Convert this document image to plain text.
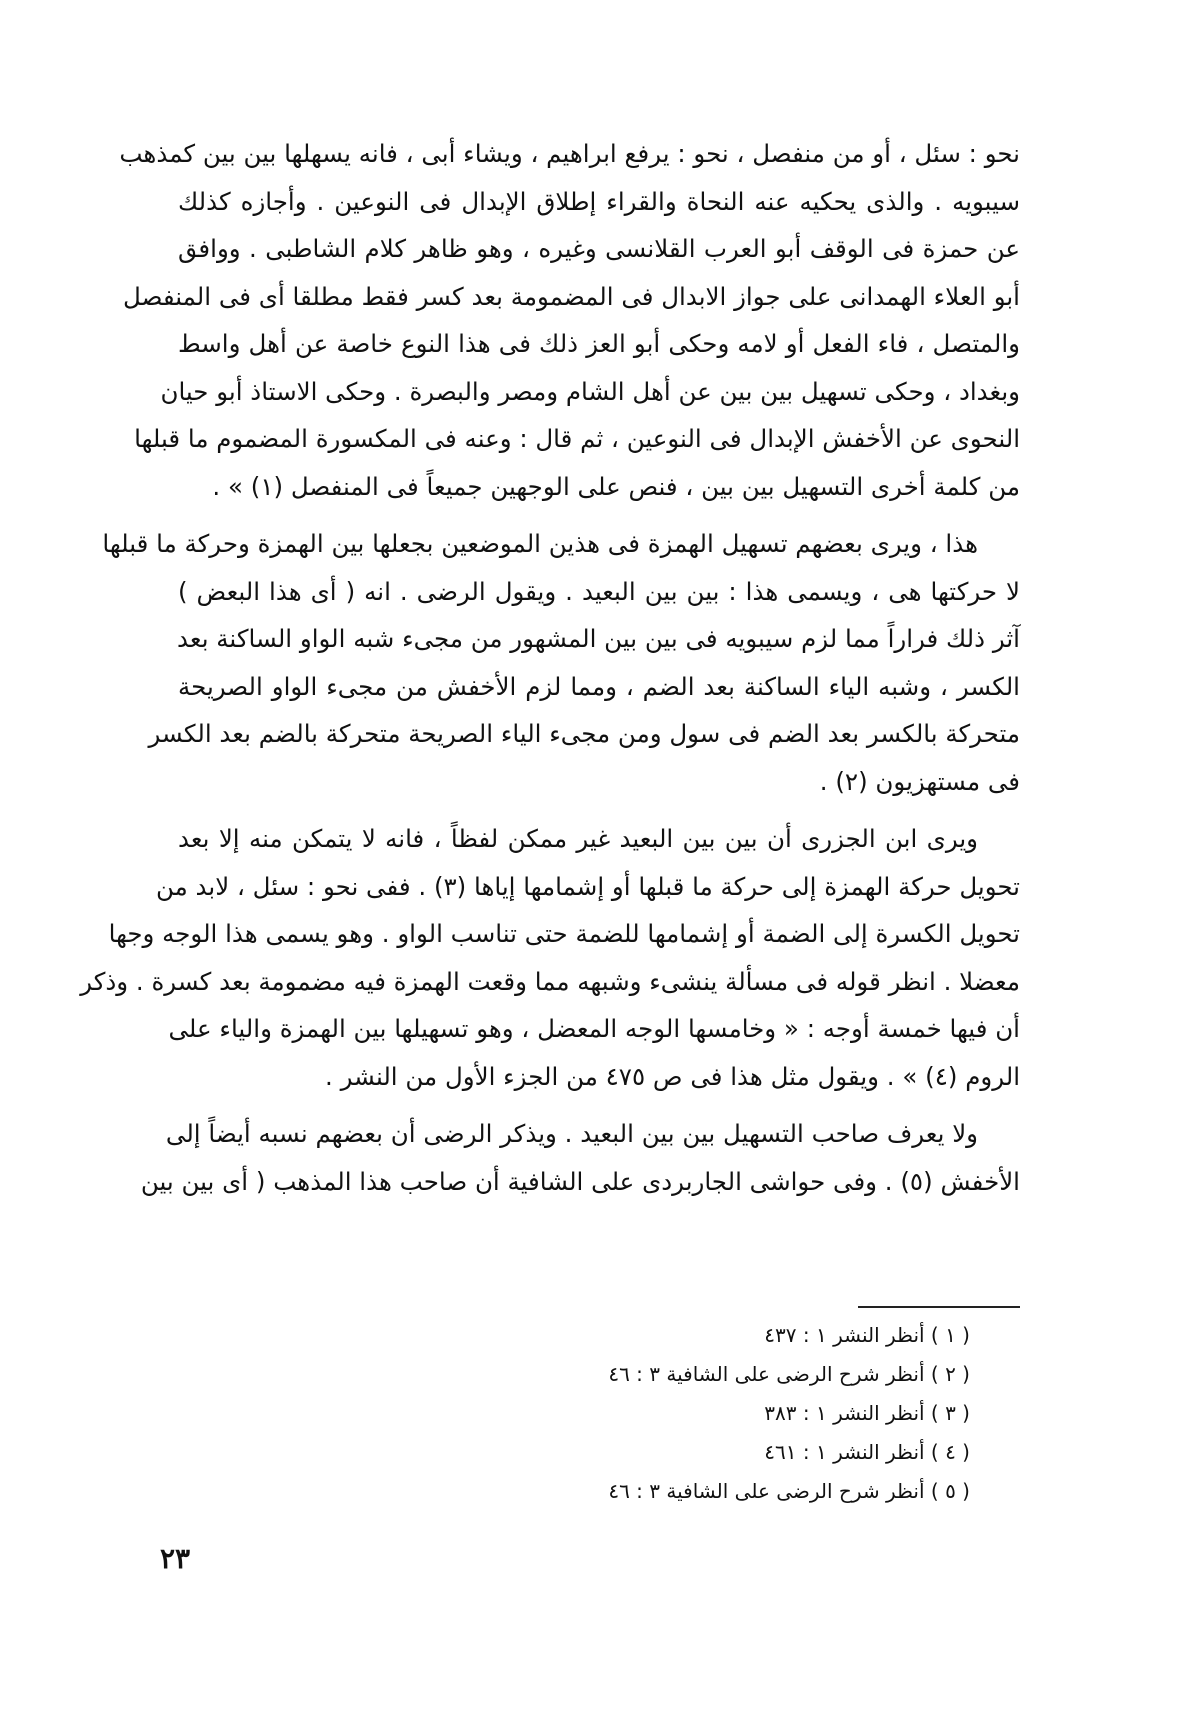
نحو : سئل ، أو من منفصل ، نحو : يرفع ابراهيم ، ويشاء أبى ، فانه يسهلها بين بين كمذهب
سيبويه . والذى يحكيه عنه النحاة والقراء إطلاق الإبدال فى النوعين . وأجازه كذلك
عن حمزة فى الوقف أبو العرب القلانسى وغيره ، وهو ظاهر كلام الشاطبى . ووافق
أبو العلاء الهمدانى على جواز الابدال فى المضمومة بعد كسر فقط مطلقا أى فى المنفصل
والمتصل ، فاء الفعل أو لامه وحكى أبو العز ذلك فى هذا النوع خاصة عن أهل واسط
وبغداد ، وحكى تسهيل بين بين عن أهل الشام ومصر والبصرة . وحكى الاستاذ أبو حيان
النحوى عن الأخفش الإبدال فى النوعين ، ثم قال : وعنه فى المكسورة المضموم ما قبلها
من كلمة أخرى التسهيل بين بين ، فنص على الوجهين جميعاً فى المنفصل (١) » .
هذا ، ويرى بعضهم تسهيل الهمزة فى هذين الموضعين بجعلها بين الهمزة وحركة ما قبلها
لا حركتها هى ، ويسمى هذا : بين بين البعيد . ويقول الرضى . انه ( أى هذا البعض )
آثر ذلك فراراً مما لزم سيبويه فى بين بين المشهور من مجىء شبه الواو الساكنة بعد
الكسر ، وشبه الياء الساكنة بعد الضم ، ومما لزم الأخفش من مجىء الواو الصريحة
متحركة بالكسر بعد الضم فى سول ومن مجىء الياء الصريحة متحركة بالضم بعد الكسر
فى مستهزيون (٢) .
ويرى ابن الجزرى أن بين بين البعيد غير ممكن لفظاً ، فانه لا يتمكن منه إلا بعد
تحويل حركة الهمزة إلى حركة ما قبلها أو إشمامها إياها (٣) . ففى نحو : سئل ، لابد من
تحويل الكسرة إلى الضمة أو إشمامها للضمة حتى تناسب الواو . وهو يسمى هذا الوجه وجها
معضلا . انظر قوله فى مسألة ينشىء وشبهه مما وقعت الهمزة فيه مضمومة بعد كسرة . وذكر
أن فيها خمسة أوجه : « وخامسها الوجه المعضل ، وهو تسهيلها بين الهمزة والياء على
الروم (٤) » . ويقول مثل هذا فى ص ٤٧٥ من الجزء الأول من النشر .
ولا يعرف صاحب التسهيل بين بين البعيد . ويذكر الرضى أن بعضهم نسبه أيضاً إلى
الأخفش (٥) . وفى حواشى الجاربردى على الشافية أن صاحب هذا المذهب ( أى بين بين
( ١ ) أنظر النشر ١ : ٤٣٧
( ٢ ) أنظر شرح الرضى على الشافية ٣ : ٤٦
( ٣ ) أنظر النشر ١ : ٣٨٣
( ٤ ) أنظر النشر ١ : ٤٦١
( ٥ ) أنظر شرح الرضى على الشافية ٣ : ٤٦
٢٣
